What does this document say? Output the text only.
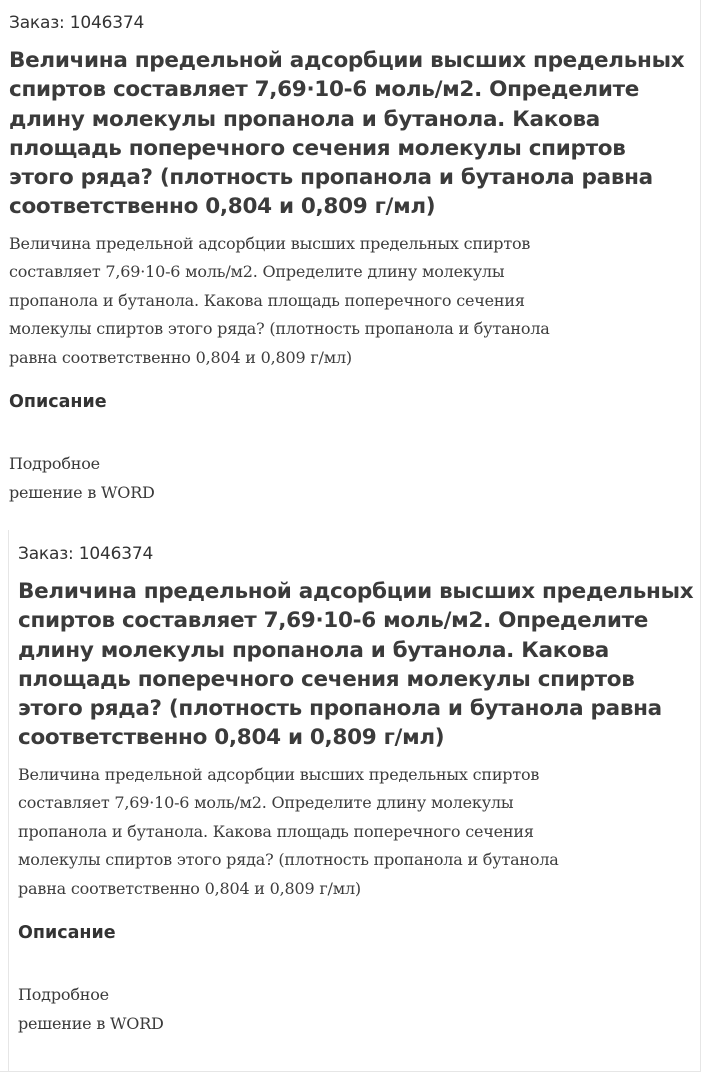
Заказ: 1046374
Величина предельной адсорбции высших предельных
спиртов составляет 7,69·10-6 моль/м2. Определите
длину молекулы пропанола и бутанола. Какова
площадь поперечного сечения молекулы спиртов
этого ряда? (плотность пропанола и бутанола равна
соответственно 0,804 и 0,809 г/мл)
Величина предельной адсорбции высших предельных спиртов
составляет 7,69·10-6 моль/м2. Определите длину молекулы
пропанола и бутанола. Какова площадь поперечного сечения
молекулы спиртов этого ряда? (плотность пропанола и бутанола
равна соответственно 0,804 и 0,809 г/мл)
Описание
Подробное
решение в WORD
Заказ: 1046374
Величина предельной адсорбции высших предельных
спиртов составляет 7,69·10-6 моль/м2. Определите
длину молекулы пропанола и бутанола. Какова
площадь поперечного сечения молекулы спиртов
этого ряда? (плотность пропанола и бутанола равна
соответственно 0,804 и 0,809 г/мл)
Величина предельной адсорбции высших предельных спиртов
составляет 7,69·10-6 моль/м2. Определите длину молекулы
пропанола и бутанола. Какова площадь поперечного сечения
молекулы спиртов этого ряда? (плотность пропанола и бутанола
равна соответственно 0,804 и 0,809 г/мл)
Описание
Подробное
решение в WORD
